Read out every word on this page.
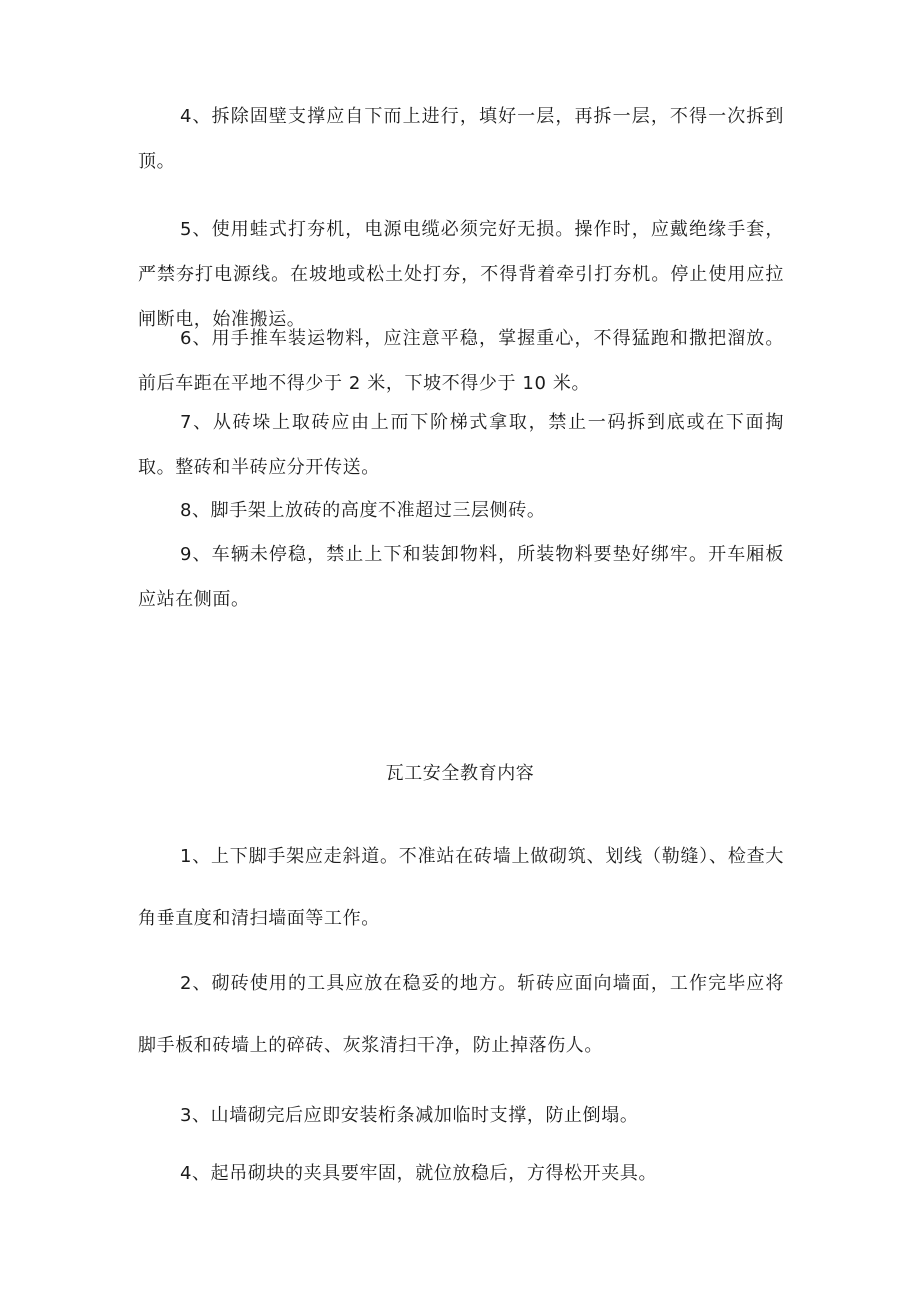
4、拆除固壁支撑应自下而上进行，填好一层，再拆一层，不得一次拆到顶。

5、使用蛙式打夯机，电源电缆必须完好无损。操作时，应戴绝缘手套，严禁夯打电源线。在坡地或松土处打夯，不得背着牵引打夯机。停止使用应拉闸断电，始准搬运。

6、用手推车装运物料，应注意平稳，掌握重心，不得猛跑和撒把溜放。前后车距在平地不得少于 2 米，下坡不得少于 10 米。

7、从砖垛上取砖应由上而下阶梯式拿取，禁止一码拆到底或在下面掏取。整砖和半砖应分开传送。

8、脚手架上放砖的高度不准超过三层侧砖。

9、车辆未停稳，禁止上下和装卸物料，所装物料要垫好绑牢。开车厢板应站在侧面。

瓦工安全教育内容

1、上下脚手架应走斜道。不准站在砖墙上做砌筑、划线（勒缝）、检查大角垂直度和清扫墙面等工作。

2、砌砖使用的工具应放在稳妥的地方。斩砖应面向墙面，工作完毕应将脚手板和砖墙上的碎砖、灰浆清扫干净，防止掉落伤人。

3、山墙砌完后应即安装桁条减加临时支撑，防止倒塌。

4、起吊砌块的夹具要牢固，就位放稳后，方得松开夹具。
